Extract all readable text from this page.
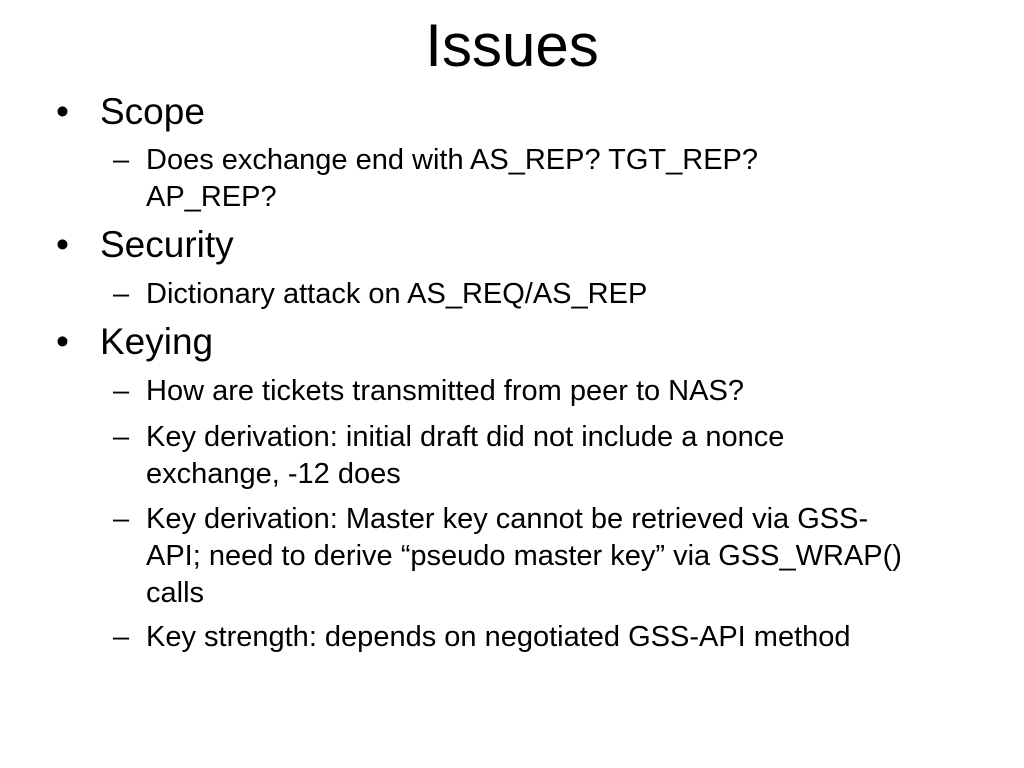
Issues
• Scope
– Does exchange end with AS_REP? TGT_REP? AP_REP?
• Security
– Dictionary attack on AS_REQ/AS_REP
• Keying
– How are tickets transmitted from peer to NAS?
– Key derivation: initial draft did not include a nonce exchange, -12 does
– Key derivation: Master key cannot be retrieved via GSS-API; need to derive “pseudo master key” via GSS_WRAP() calls
– Key strength: depends on negotiated GSS-API method
